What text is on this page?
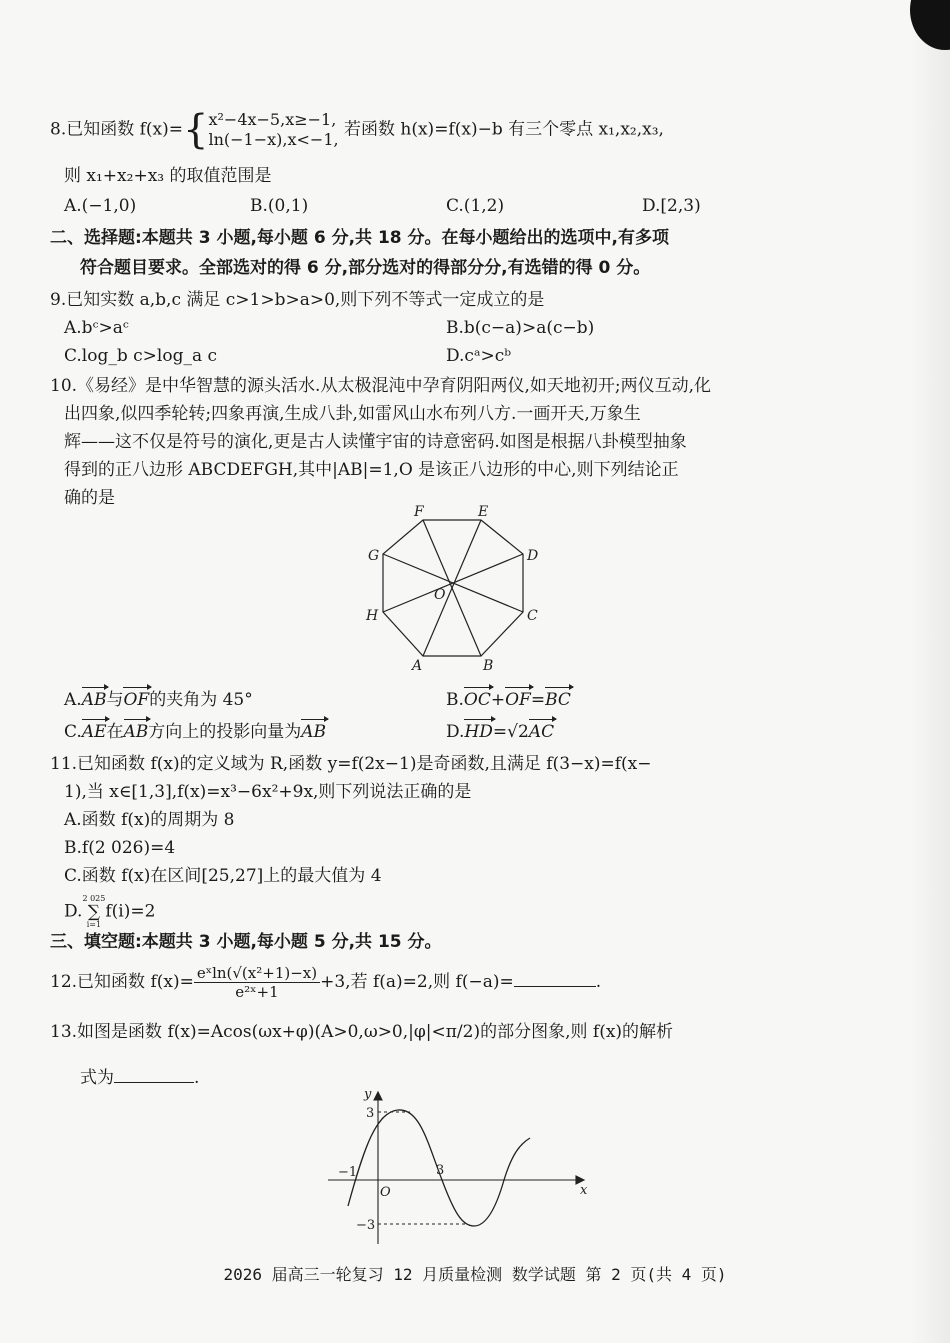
8.已知函数 f(x)={ x²−4x−5,x≥−1,
ln(−1−x),x<−1, 若函数 h(x)=f(x)−b 有三个零点 x₁,x₂,x₃,
则 x₁+x₂+x₃ 的取值范围是
A.(−1,0)	B.(0,1)	C.(1,2)	D.[2,3)
二、选择题:本题共 3 小题,每小题 6 分,共 18 分。在每小题给出的选项中,有多项
符合题目要求。全部选对的得 6 分,部分选对的得部分分,有选错的得 0 分。
9.已知实数 a,b,c 满足 c>1>b>a>0,则下列不等式一定成立的是
A.bᶜ>aᶜ	B.b(c−a)>a(c−b)
C.log_b c>log_a c	D.cᵃ>cᵇ
10.《易经》是中华智慧的源头活水.从太极混沌中孕育阴阳两仪,如天地初开;两仪互动,化
出四象,似四季轮转;四象再演,生成八卦,如雷风山水布列八方.一画开天,万象生
辉——这不仅是符号的演化,更是古人读懂宇宙的诗意密码.如图是根据八卦模型抽象
得到的正八边形 ABCDEFGH,其中|AB|=1,O 是该正八边形的中心,则下列结论正
确的是
A	B
C
D
E
F
G
H
O
A.AB与OF的夹角为 45°	B.OC+OF=BC
C.AE在AB方向上的投影向量为AB	D.HD=√2AC
11.已知函数 f(x)的定义域为 R,函数 y=f(2x−1)是奇函数,且满足 f(3−x)=f(x−
1),当 x∈[1,3],f(x)=x³−6x²+9x,则下列说法正确的是
A.函数 f(x)的周期为 8
B.f(2 026)=4
C.函数 f(x)在区间[25,27]上的最大值为 4
D.
2 025
∑
i=1
f(i)=2
三、填空题:本题共 3 小题,每小题 5 分,共 15 分。
12.已知函数 $f(x)= \frac{\text{eˣln(√(x²+1)−x)}}{\text{e²ˣ+1}} +3$,若 f(a)=2,则 f(−a)=	.
13.如图是函数 f(x)=Acos(ωx+φ)(A>0,ω>0,|φ|<π/2)的部分图象,则 f(x)的解析
式为	.
y
x
O
3
−3
−1	3
2026 届高三一轮复习 12 月质量检测 数学试题 第 2 页(共 4 页)
